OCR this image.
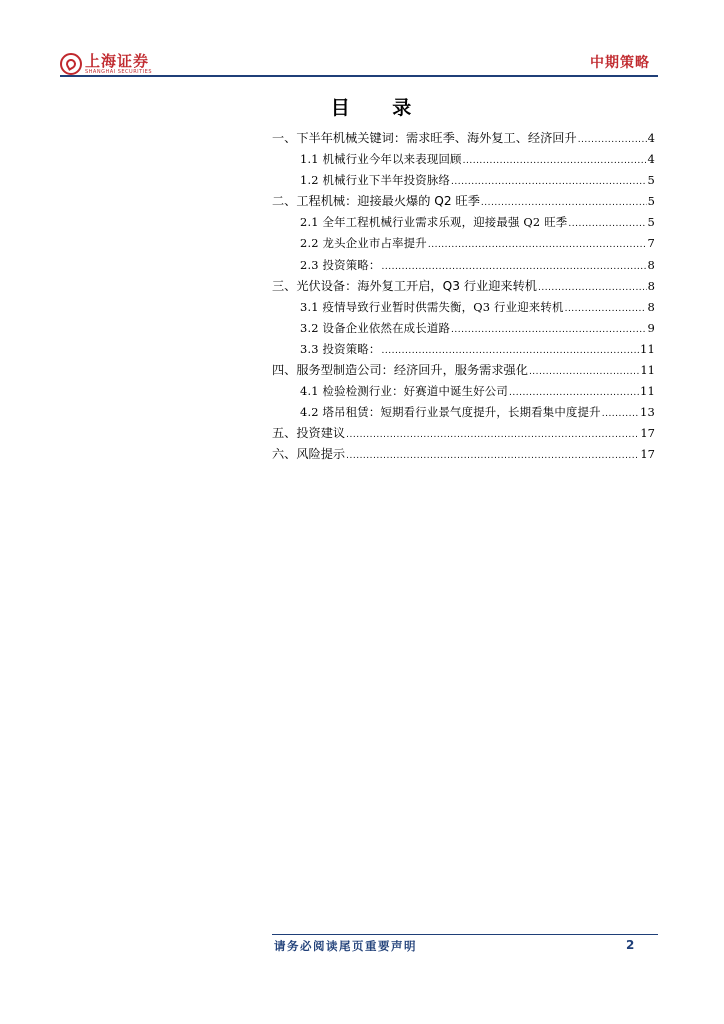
上海证券
SHANGHAI SECURITIES
中期策略
目 录
一、下半年机械关键词：需求旺季、海外复工、经济回升 .....	4
1.1 机械行业今年以来表现回顾 .....	4
1.2 机械行业下半年投资脉络 .....	5
二、工程机械：迎接最火爆的 Q2 旺季 .....	5
2.1 全年工程机械行业需求乐观，迎接最强 Q2 旺季 .....	5
2.2 龙头企业市占率提升 .....	7
2.3 投资策略： .....	8
三、光伏设备：海外复工开启，Q3 行业迎来转机 .....	8
3.1 疫情导致行业暂时供需失衡，Q3 行业迎来转机 .....	8
3.2 设备企业依然在成长道路 .....	9
3.3 投资策略： .....	11
四、服务型制造公司：经济回升，服务需求强化 .....	11
4.1 检验检测行业：好赛道中诞生好公司 .....	11
4.2 塔吊租赁：短期看行业景气度提升，长期看集中度提升 .....	13
五、投资建议 .....	17
六、风险提示 .....	17
请务必阅读尾页重要声明	2
